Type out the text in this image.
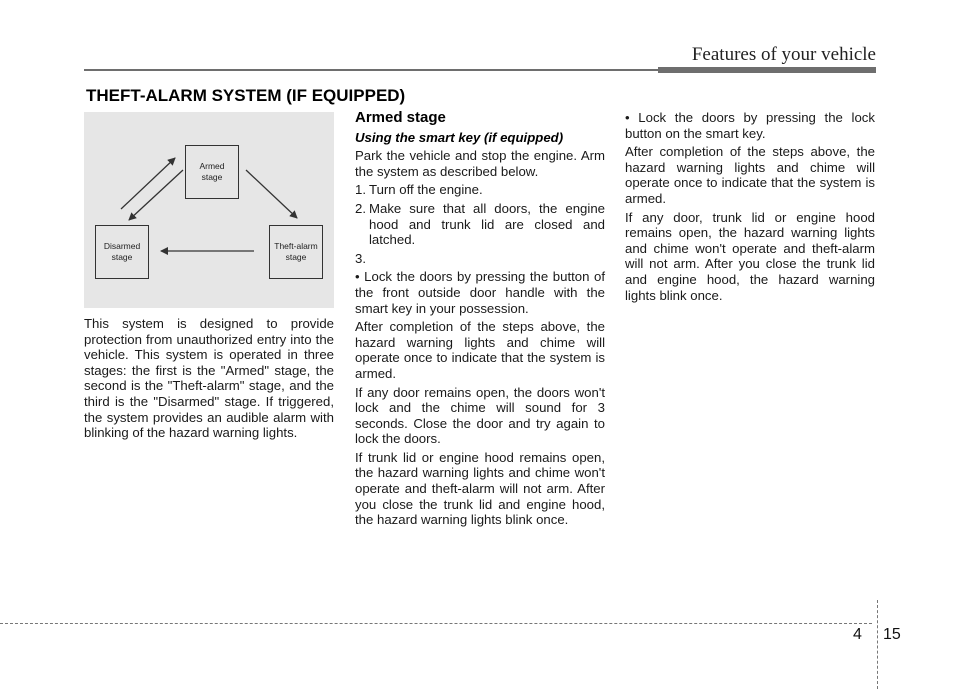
Features of your vehicle
THEFT-ALARM SYSTEM (IF EQUIPPED)
Armed
stage
Theft-alarm
stage
Disarmed
stage

This system is designed to provide protection from unauthorized entry into the vehicle. This system is operated in three stages: the first is the "Armed" stage, the second is the "Theft-alarm" stage, and the third is the "Disarmed" stage. If triggered, the system provides an audible alarm with blinking of the hazard warning lights.

Armed stage
Using the smart key (if equipped)

Park the vehicle and stop the engine. Arm the system as described below.

1. Turn off the engine.
2. Make sure that all doors, the engine hood and trunk lid are closed and latched.
3.

• Lock the doors by pressing the button of the front outside door handle with the smart key in your possession.

After completion of the steps above, the hazard warning lights and chime will operate once to indicate that the system is armed.

If any door remains open, the doors won't lock and the chime will sound for 3 seconds. Close the door and try again to lock the doors.

If trunk lid or engine hood remains open, the hazard warning lights and chime won't operate and theft-alarm will not arm. After you close the trunk lid and engine hood, the hazard warning lights blink once.

• Lock the doors by pressing the lock button on the smart key.

After completion of the steps above, the hazard warning lights and chime will operate once to indicate that the system is armed.

If any door, trunk lid or engine hood remains open, the hazard warning lights and chime won't operate and theft-alarm will not arm. After you close the trunk lid and engine hood, the hazard warning lights blink once.

4 15
